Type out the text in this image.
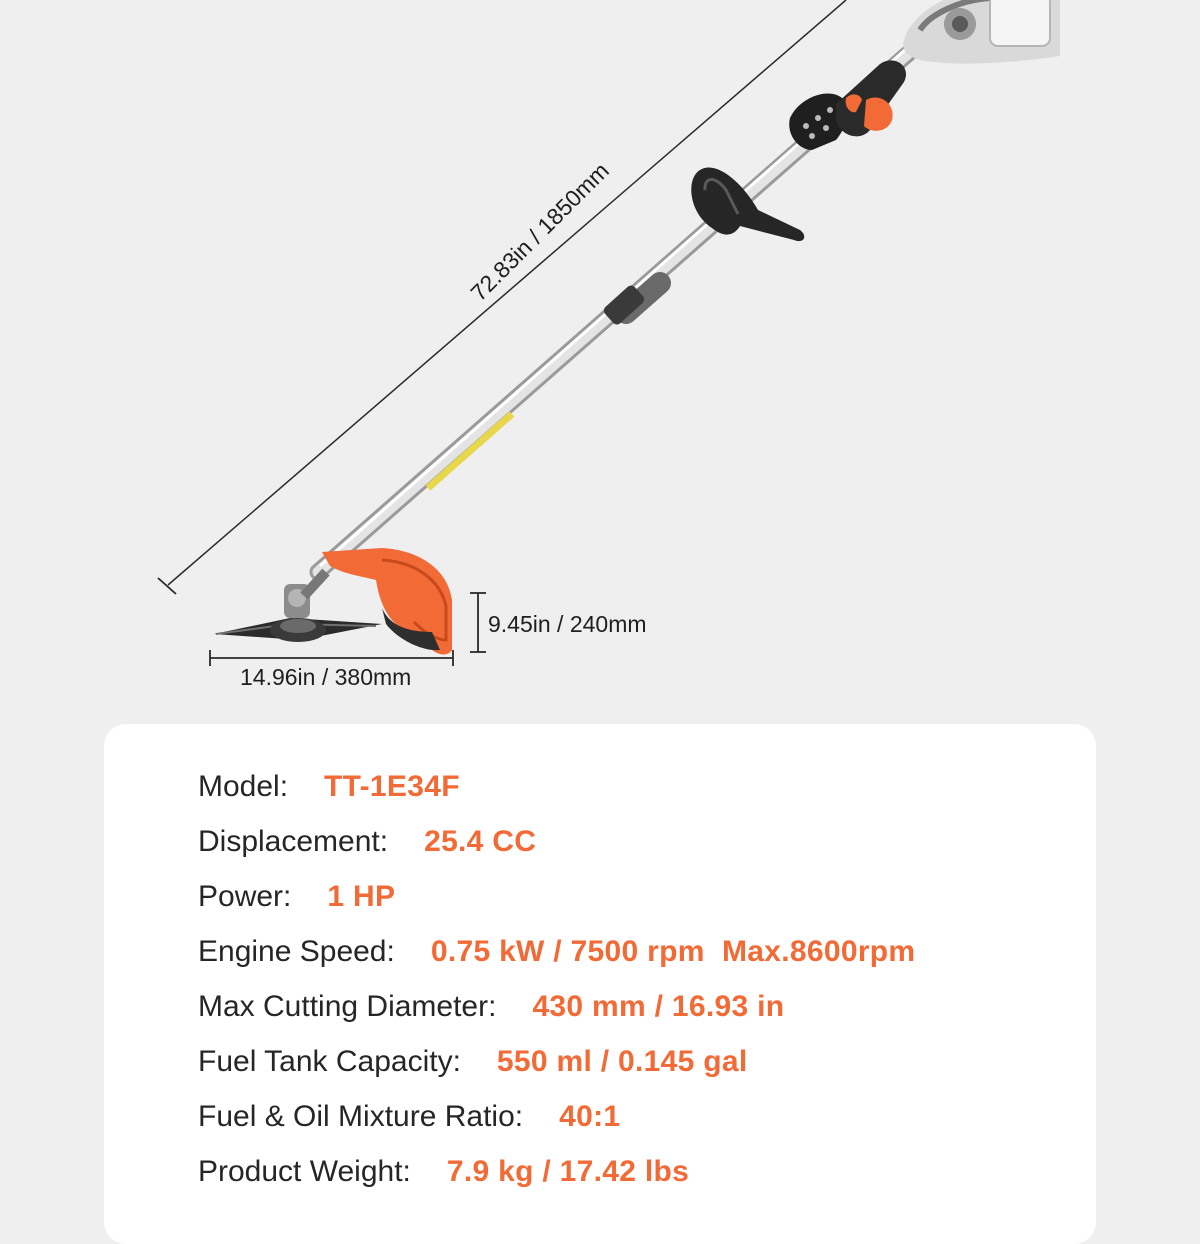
72.83in / 1850mm
9.45in / 240mm
14.96in / 380mm
Model: TT-1E34F
Displacement: 25.4 CC
Power: 1 HP
Engine Speed: 0.75 kW / 7500 rpm  Max.8600rpm
Max Cutting Diameter: 430 mm / 16.93 in
Fuel Tank Capacity: 550 ml / 0.145 gal
Fuel & Oil Mixture Ratio: 40:1
Product Weight: 7.9 kg / 17.42 lbs
